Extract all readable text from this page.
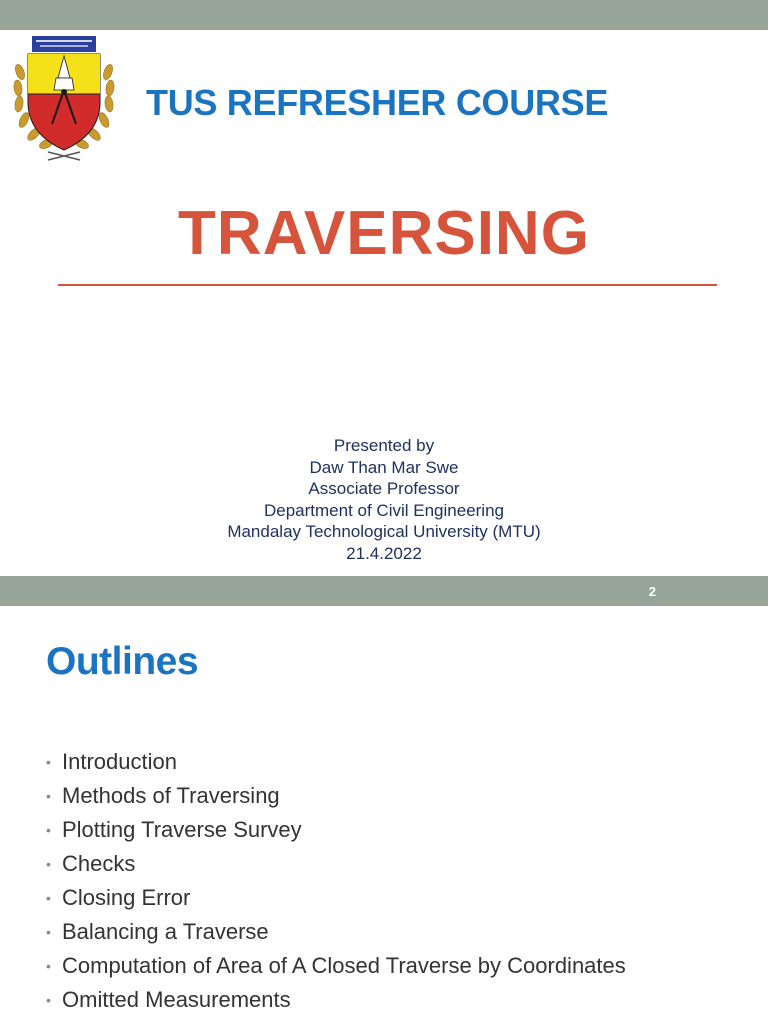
TUS REFRESHER COURSE
TRAVERSING
Presented by
Daw Than Mar Swe
Associate Professor
Department of Civil Engineering
Mandalay Technological University (MTU)
21.4.2022
2
Outlines
• Introduction
• Methods of Traversing
• Plotting Traverse Survey
• Checks
• Closing Error
• Balancing a Traverse
• Computation of Area of A Closed Traverse by Coordinates
• Omitted Measurements
